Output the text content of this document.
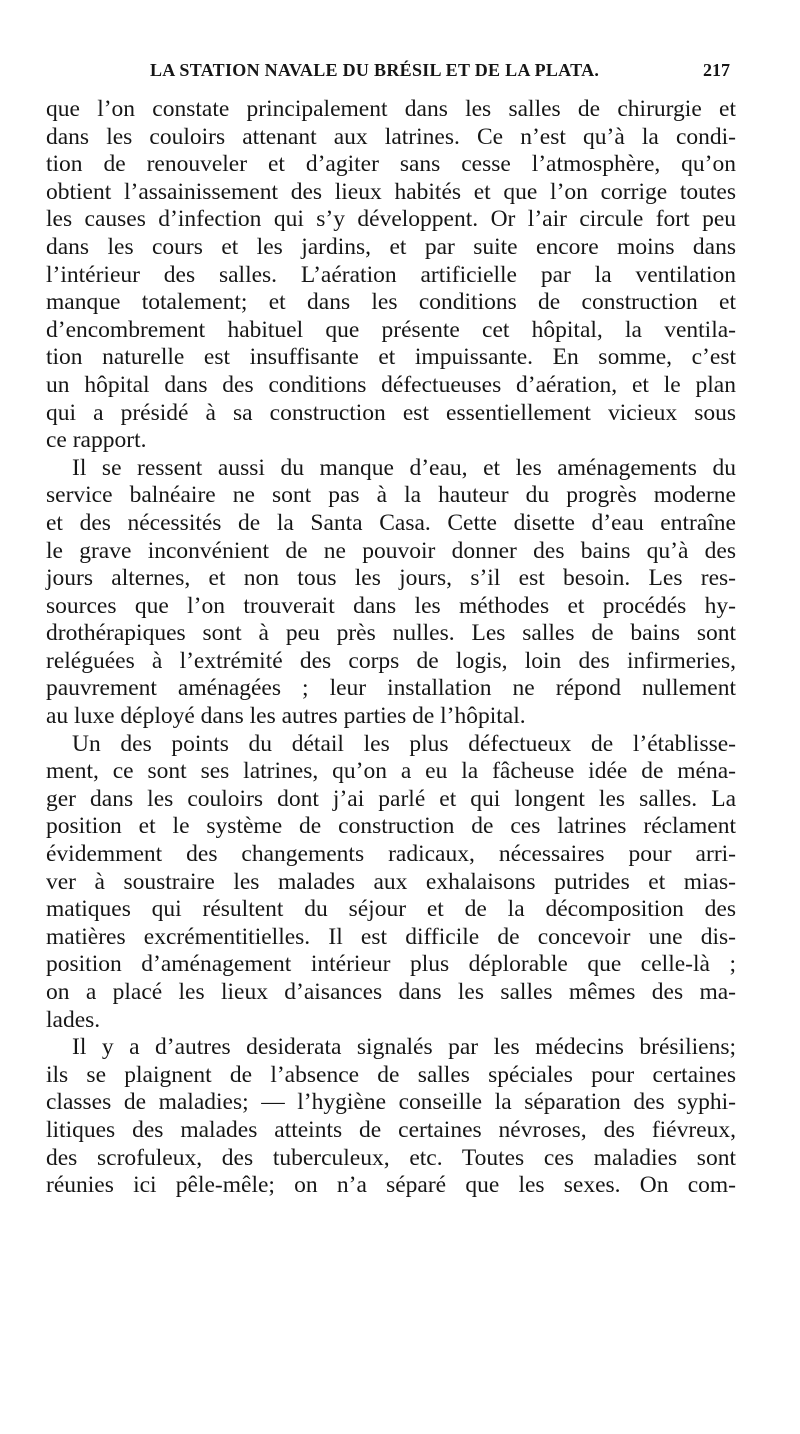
LA STATION NAVALE DU BRÉSIL ET DE LA PLATA.	217
que l’on constate principalement dans les salles de chirurgie et
dans les couloirs attenant aux latrines. Ce n’est qu’à la condi-
tion de renouveler et d’agiter sans cesse l’atmosphère, qu’on
obtient l’assainissement des lieux habités et que l’on corrige toutes
les causes d’infection qui s’y développent. Or l’air circule fort peu
dans les cours et les jardins, et par suite encore moins dans
l’intérieur des salles. L’aération artificielle par la ventilation
manque totalement; et dans les conditions de construction et
d’encombrement habituel que présente cet hôpital, la ventila-
tion naturelle est insuffisante et impuissante. En somme, c’est
un hôpital dans des conditions défectueuses d’aération, et le plan
qui a présidé à sa construction est essentiellement vicieux sous
ce rapport.
Il se ressent aussi du manque d’eau, et les aménagements du
service balnéaire ne sont pas à la hauteur du progrès moderne
et des nécessités de la Santa Casa. Cette disette d’eau entraîne
le grave inconvénient de ne pouvoir donner des bains qu’à des
jours alternes, et non tous les jours, s’il est besoin. Les res-
sources que l’on trouverait dans les méthodes et procédés hy-
drothérapiques sont à peu près nulles. Les salles de bains sont
reléguées à l’extrémité des corps de logis, loin des infirmeries,
pauvrement aménagées ; leur installation ne répond nullement
au luxe déployé dans les autres parties de l’hôpital.
Un des points du détail les plus défectueux de l’établisse-
ment, ce sont ses latrines, qu’on a eu la fâcheuse idée de ména-
ger dans les couloirs dont j’ai parlé et qui longent les salles. La
position et le système de construction de ces latrines réclament
évidemment des changements radicaux, nécessaires pour arri-
ver à soustraire les malades aux exhalaisons putrides et mias-
matiques qui résultent du séjour et de la décomposition des
matières excrémentitielles. Il est difficile de concevoir une dis-
position d’aménagement intérieur plus déplorable que celle-là ;
on a placé les lieux d’aisances dans les salles mêmes des ma-
lades.
Il y a d’autres desiderata signalés par les médecins brésiliens;
ils se plaignent de l’absence de salles spéciales pour certaines
classes de maladies; — l’hygiène conseille la séparation des syphi-
litiques des malades atteints de certaines névroses, des fiévreux,
des scrofuleux, des tuberculeux, etc. Toutes ces maladies sont
réunies ici pêle-mêle; on n’a séparé que les sexes. On com-
